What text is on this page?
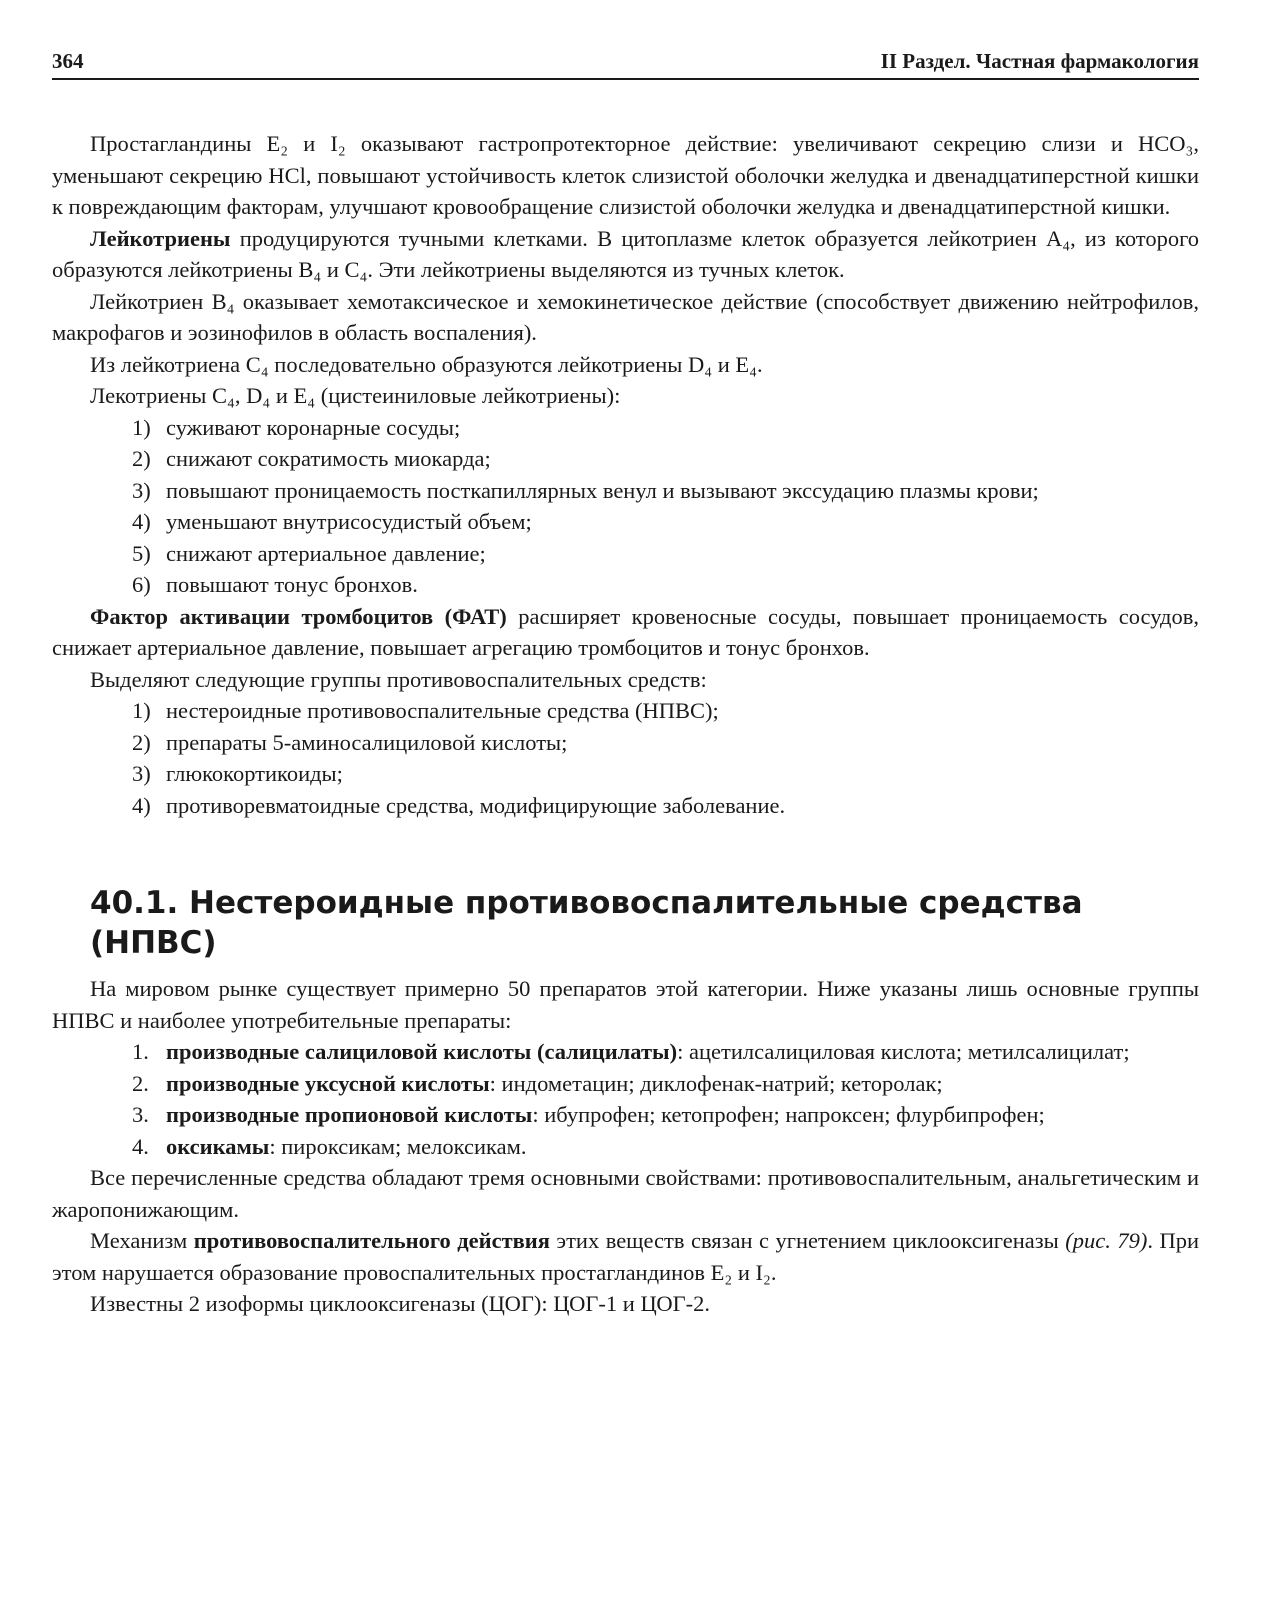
364	II Раздел. Частная фармакология

Простагландины E₂ и I₂ оказывают гастропротекторное действие: увеличивают секрецию слизи и HCO₃, уменьшают секрецию HCl, повышают устойчивость клеток слизистой оболочки желудка и двенадцатиперстной кишки к повреждающим факторам, улучшают кровообращение слизистой оболочки желудка и двенадцатиперстной кишки.

Лейкотриены продуцируются тучными клетками. В цитоплазме клеток образуется лейкотриен A₄, из которого образуются лейкотриены B₄ и C₄. Эти лейкотриены выделяются из тучных клеток.

Лейкотриен B₄ оказывает хемотаксическое и хемокинетическое действие (способствует движению нейтрофилов, макрофагов и эозинофилов в область воспаления).

Из лейкотриена C₄ последовательно образуются лейкотриены D₄ и E₄.

Лекотриены C₄, D₄ и E₄ (цистеиниловые лейкотриены):

1) суживают коронарные сосуды;
2) снижают сократимость миокарда;
3) повышают проницаемость посткапиллярных венул и вызывают экссудацию плазмы крови;
4) уменьшают внутрисосудистый объем;
5) снижают артериальное давление;
6) повышают тонус бронхов.

Фактор активации тромбоцитов (ФАТ) расширяет кровеносные сосуды, повышает проницаемость сосудов, снижает артериальное давление, повышает агрегацию тромбоцитов и тонус бронхов.

Выделяют следующие группы противовоспалительных средств:

1) нестероидные противовоспалительные средства (НПВС);
2) препараты 5-аминосалициловой кислоты;
3) глюкокортикоиды;
4) противоревматоидные средства, модифицирующие заболевание.
40.1. Нестероидные противовоспалительные средства (НПВС)

На мировом рынке существует примерно 50 препаратов этой категории. Ниже указаны лишь основные группы НПВС и наиболее употребительные препараты:

1. производные салициловой кислоты (салицилаты): ацетилсалициловая кислота; метилсалицилат;
2. производные уксусной кислоты: индометацин; диклофенак-натрий; кеторолак;
3. производные пропионовой кислоты: ибупрофен; кетопрофен; напроксен; флурбипрофен;
4. оксикамы: пироксикам; мелоксикам.

Все перечисленные средства обладают тремя основными свойствами: противовоспалительным, анальгетическим и жаропонижающим.

Механизм противовоспалительного действия этих веществ связан с угнетением циклооксигеназы (рис. 79). При этом нарушается образование провоспалительных простагландинов E₂ и I₂.

Известны 2 изоформы циклооксигеназы (ЦОГ): ЦОГ-1 и ЦОГ-2.
